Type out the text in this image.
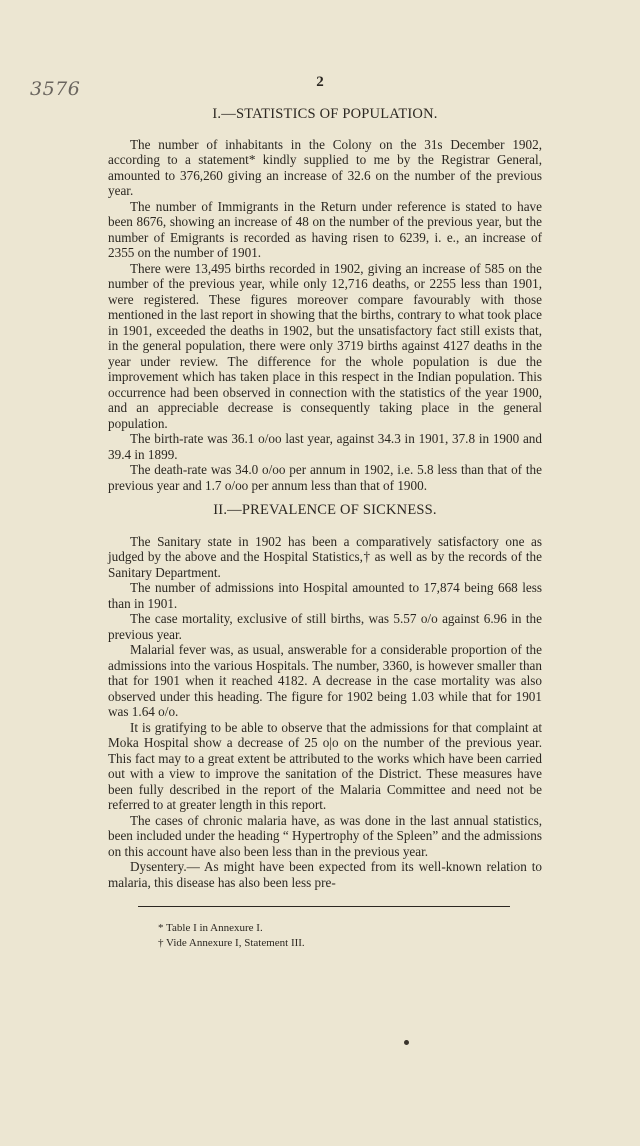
3576	2
I.—STATISTICS OF POPULATION.

The number of inhabitants in the Colony on the 31s December 1902, according to a statement* kindly supplied to me by the Registrar General, amounted to 376,260 giving an increase of 32.6 on the number of the previous year.

The number of Immigrants in the Return under reference is stated to have been 8676, showing an increase of 48 on the number of the previous year, but the number of Emigrants is recorded as having risen to 6239, i. e., an increase of 2355 on the number of 1901.

There were 13,495 births recorded in 1902, giving an increase of 585 on the number of the previous year, while only 12,716 deaths, or 2255 less than 1901, were registered. These figures moreover compare favourably with those mentioned in the last report in showing that the births, contrary to what took place in 1901, exceeded the deaths in 1902, but the unsatisfactory fact still exists that, in the general population, there were only 3719 births against 4127 deaths in the year under review. The difference for the whole population is due the improvement which has taken place in this respect in the Indian population. This occurrence had been observed in connection with the statistics of the year 1900, and an appreciable decrease is consequently taking place in the general population.

The birth-rate was 36.1 o/oo last year, against 34.3 in 1901, 37.8 in 1900 and 39.4 in 1899.

The death-rate was 34.0 o/oo per annum in 1902, i.e. 5.8 less than that of the previous year and 1.7 o/oo per annum less than that of 1900.

II.—PREVALENCE OF SICKNESS.

The Sanitary state in 1902 has been a comparatively satisfactory one as judged by the above and the Hospital Statistics,† as well as by the records of the Sanitary Department.

The number of admissions into Hospital amounted to 17,874 being 668 less than in 1901.

The case mortality, exclusive of still births, was 5.57 o/o against 6.96 in the previous year.

Malarial fever was, as usual, answerable for a considerable proportion of the admissions into the various Hospitals. The number, 3360, is however smaller than that for 1901 when it reached 4182. A decrease in the case mortality was also observed under this heading. The figure for 1902 being 1.03 while that for 1901 was 1.64 o/o.

It is gratifying to be able to observe that the admissions for that complaint at Moka Hospital show a decrease of 25 o|o on the number of the previous year. This fact may to a great extent be attributed to the works which have been carried out with a view to improve the sanitation of the District. These measures have been fully described in the report of the Malaria Committee and need not be referred to at greater length in this report.

The cases of chronic malaria have, as was done in the last annual statistics, been included under the heading “ Hypertrophy of the Spleen” and the admissions on this account have also been less than in the previous year.

Dysentery.— As might have been expected from its well-known relation to malaria, this disease has also been less pre-

* Table I in Annexure I.
† Vide Annexure I, Statement III.
